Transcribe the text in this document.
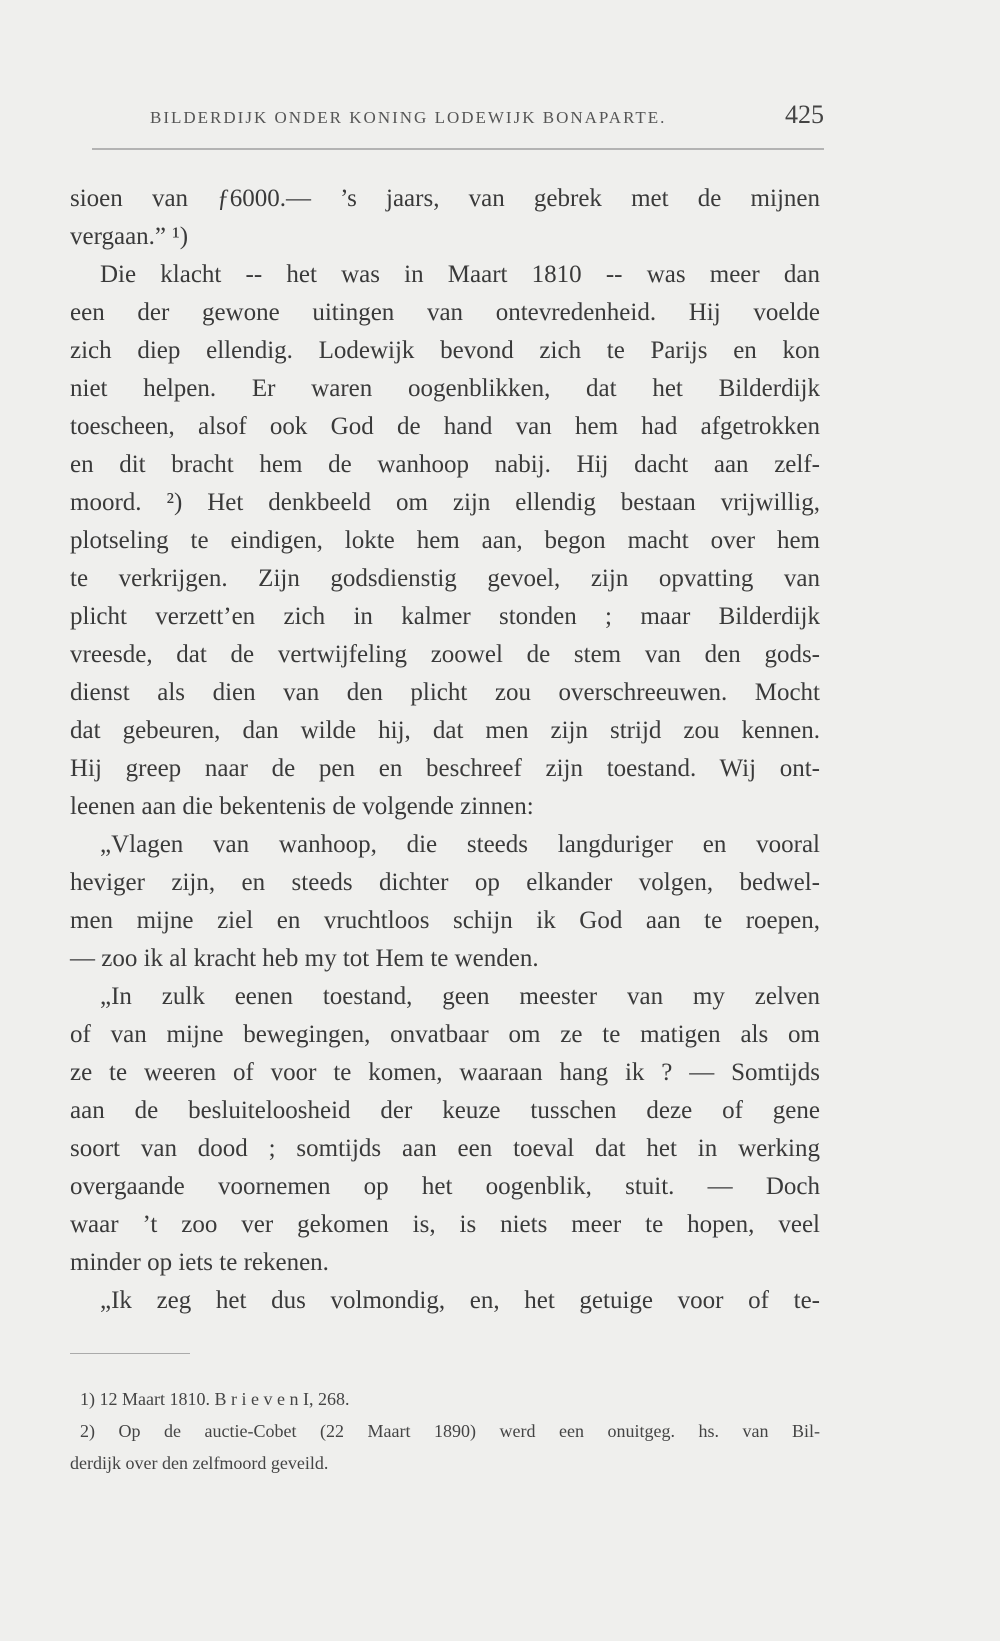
BILDERDIJK ONDER KONING LODEWIJK BONAPARTE.	425
sioen van ƒ6000.— ’s jaars, van gebrek met de mijnen
vergaan.” ¹)
Die klacht -- het was in Maart 1810 -- was meer dan
een der gewone uitingen van ontevredenheid. Hij voelde
zich diep ellendig. Lodewijk bevond zich te Parijs en kon
niet helpen. Er waren oogenblikken, dat het Bilderdijk
toescheen, alsof ook God de hand van hem had afgetrokken
en dit bracht hem de wanhoop nabij. Hij dacht aan zelf-
moord. ²) Het denkbeeld om zijn ellendig bestaan vrijwillig,
plotseling te eindigen, lokte hem aan, begon macht over hem
te verkrijgen. Zijn godsdienstig gevoel, zijn opvatting van
plicht verzett’en zich in kalmer stonden ; maar Bilderdijk
vreesde, dat de vertwijfeling zoowel de stem van den gods-
dienst als dien van den plicht zou overschreeuwen. Mocht
dat gebeuren, dan wilde hij, dat men zijn strijd zou kennen.
Hij greep naar de pen en beschreef zijn toestand. Wij ont-
leenen aan die bekentenis de volgende zinnen:
„Vlagen van wanhoop, die steeds langduriger en vooral
heviger zijn, en steeds dichter op elkander volgen, bedwel-
men mijne ziel en vruchtloos schijn ik God aan te roepen,
— zoo ik al kracht heb my tot Hem te wenden.
„In zulk eenen toestand, geen meester van my zelven
of van mijne bewegingen, onvatbaar om ze te matigen als om
ze te weeren of voor te komen, waaraan hang ik ? — Somtijds
aan de besluiteloosheid der keuze tusschen deze of gene
soort van dood ; somtijds aan een toeval dat het in werking
overgaande voornemen op het oogenblik, stuit. — Doch
waar ’t zoo ver gekomen is, is niets meer te hopen, veel
minder op iets te rekenen.
„Ik zeg het dus volmondig, en, het getuige voor of te-
1) 12 Maart 1810. B r i e v e n I, 268.
2) Op de auctie-Cobet (22 Maart 1890) werd een onuitgeg. hs. van Bil-
derdijk over den zelfmoord geveild.
